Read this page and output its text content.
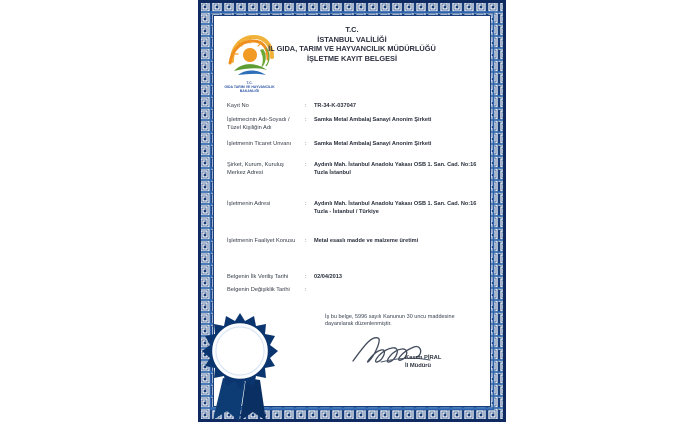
T.C.
GIDA TARIM VE HAYVANCILIK
BAKANLIĞI
T.C.
İSTANBUL VALİLİĞİ
İL GIDA, TARIM VE HAYVANCILIK MÜDÜRLÜĞÜ
İŞLETME KAYIT BELGESİ
Kayıt No	:	TR-34-K-037047
İşletmecinin Adı-Soyadı / Tüzel Kişiliğin Adı
:	Samka Metal Ambalaj Sanayi Anonim Şirketi
İşletmenin Ticaret Unvanı	:	Samka Metal Ambalaj Sanayi Anonim Şirketi
Şirket, Kurum, Kuruluş Merkez Adresi
:	Aydınlı Mah. İstanbul Anadolu Yakası OSB 1. San. Cad. No:16 Tuzla İstanbul
İşletmenin Adresi	:	Aydınlı Mah. İstanbul Anadolu Yakası OSB 1. San. Cad. No:16 Tuzla - İstanbul / Türkiye
İşletmenin Faaliyet Konusu	:	Metal esaslı madde ve malzeme üretimi
Belgenin İlk Veriliş Tarihi	:	02/04/2013
Belgenin Değişiklik Tarihi	:

İş bu belge, 5996 sayılı Kanunun 30 uncu maddesine dayanılarak düzenlenmiştir.

Kasım PİRAL
İl Müdürü
